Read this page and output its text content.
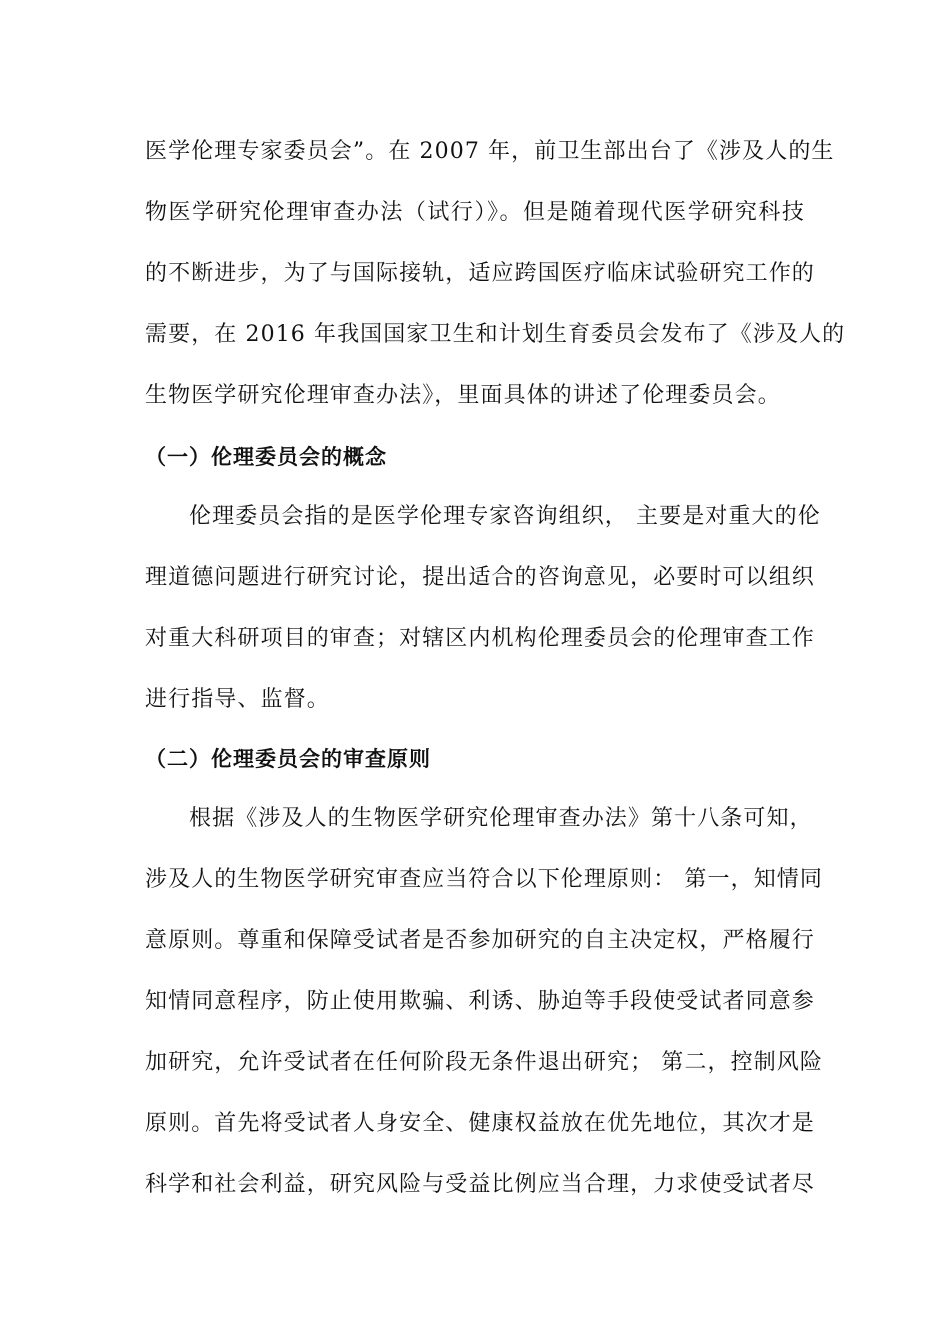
医学伦理专家委员会”。在 2007 年，前卫生部出台了《涉及人的生
物医学研究伦理审查办法（试行）》。但是随着现代医学研究科技
的不断进步，为了与国际接轨，适应跨国医疗临床试验研究工作的
需要，在 2016 年我国国家卫生和计划生育委员会发布了《涉及人的
生物医学研究伦理审查办法》，里面具体的讲述了伦理委员会。
（一）伦理委员会的概念
伦理委员会指的是医学伦理专家咨询组织， 主要是对重大的伦
理道德问题进行研究讨论，提出适合的咨询意见，必要时可以组织
对重大科研项目的审查；对辖区内机构伦理委员会的伦理审查工作
进行指导、监督。
（二）伦理委员会的审查原则
根据《涉及人的生物医学研究伦理审查办法》第十八条可知，
涉及人的生物医学研究审查应当符合以下伦理原则： 第一，知情同
意原则。尊重和保障受试者是否参加研究的自主决定权，严格履行
知情同意程序，防止使用欺骗、利诱、胁迫等手段使受试者同意参
加研究，允许受试者在任何阶段无条件退出研究； 第二，控制风险
原则。首先将受试者人身安全、健康权益放在优先地位，其次才是
科学和社会利益，研究风险与受益比例应当合理，力求使受试者尽
